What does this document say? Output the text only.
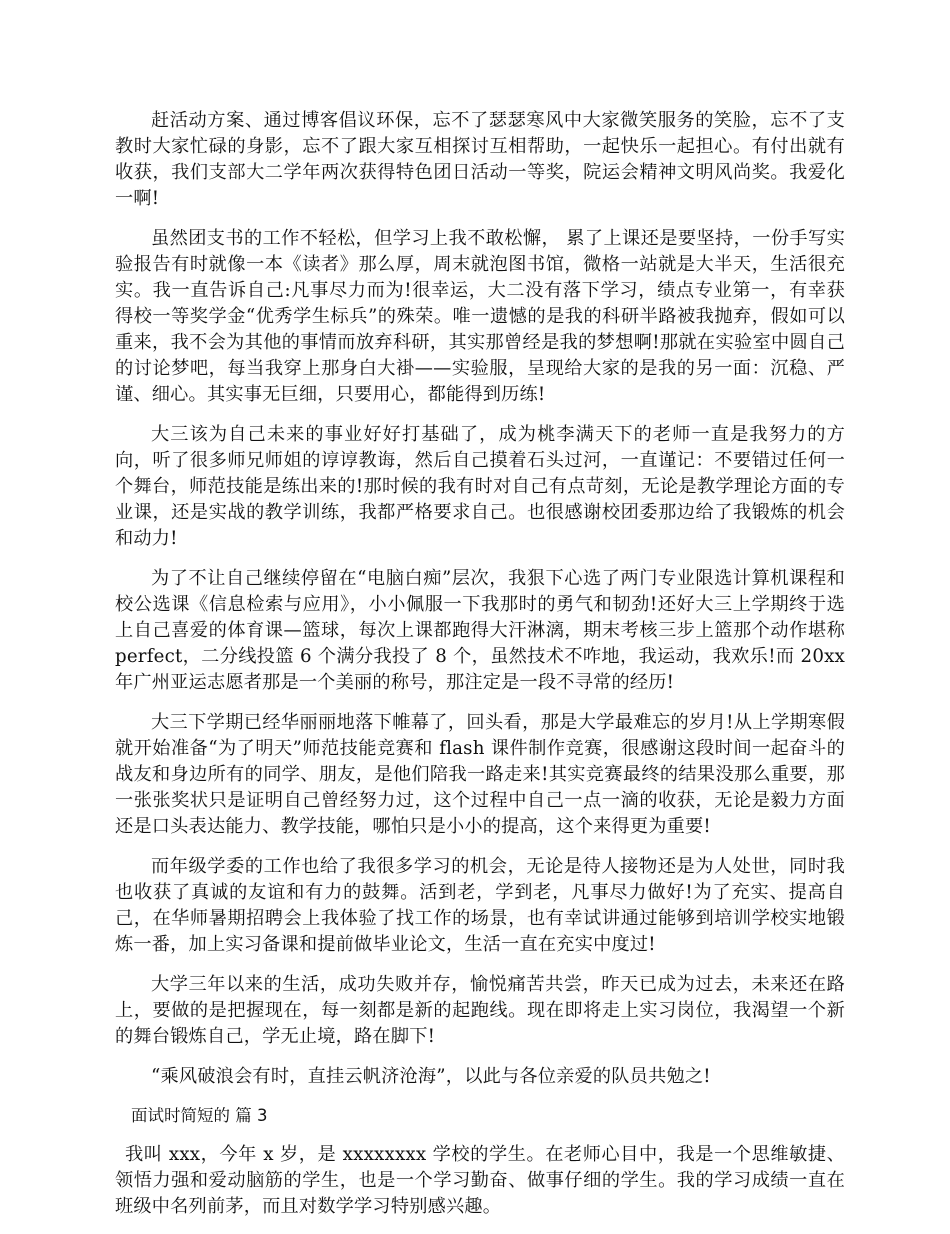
赶活动方案、通过博客倡议环保，忘不了瑟瑟寒风中大家微笑服务的笑脸，忘不了支教时大家忙碌的身影，忘不了跟大家互相探讨互相帮助，一起快乐一起担心。有付出就有收获，我们支部大二学年两次获得特色团日活动一等奖，院运会精神文明风尚奖。我爱化一啊!

虽然团支书的工作不轻松，但学习上我不敢松懈， 累了上课还是要坚持，一份手写实验报告有时就像一本《读者》那么厚，周末就泡图书馆，微格一站就是大半天，生活很充实。我一直告诉自己:凡事尽力而为!很幸运，大二没有落下学习，绩点专业第一，有幸获得校一等奖学金“优秀学生标兵”的殊荣。唯一遗憾的是我的科研半路被我抛弃，假如可以重来，我不会为其他的事情而放弃科研，其实那曾经是我的梦想啊!那就在实验室中圆自己的讨论梦吧，每当我穿上那身白大褂——实验服，呈现给大家的是我的另一面：沉稳、严谨、细心。其实事无巨细，只要用心，都能得到历练!

大三该为自己未来的事业好好打基础了，成为桃李满天下的老师一直是我努力的方向，听了很多师兄师姐的谆谆教诲，然后自己摸着石头过河，一直谨记：不要错过任何一个舞台，师范技能是练出来的!那时候的我有时对自己有点苛刻，无论是教学理论方面的专业课，还是实战的教学训练，我都严格要求自己。也很感谢校团委那边给了我锻炼的机会和动力!

为了不让自己继续停留在“电脑白痴”层次，我狠下心选了两门专业限选计算机课程和校公选课《信息检索与应用》，小小佩服一下我那时的勇气和韧劲!还好大三上学期终于选上自己喜爱的体育课—篮球，每次上课都跑得大汗淋漓，期末考核三步上篮那个动作堪称 perfect，二分线投篮 6 个满分我投了 8 个，虽然技术不咋地，我运动，我欢乐!而 20xx 年广州亚运志愿者那是一个美丽的称号，那注定是一段不寻常的经历!

大三下学期已经华丽丽地落下帷幕了，回头看，那是大学最难忘的岁月!从上学期寒假就开始准备“为了明天”师范技能竞赛和 flash 课件制作竞赛，很感谢这段时间一起奋斗的战友和身边所有的同学、朋友，是他们陪我一路走来!其实竞赛最终的结果没那么重要，那一张张奖状只是证明自己曾经努力过，这个过程中自己一点一滴的收获，无论是毅力方面还是口头表达能力、教学技能，哪怕只是小小的提高，这个来得更为重要!

而年级学委的工作也给了我很多学习的机会，无论是待人接物还是为人处世，同时我也收获了真诚的友谊和有力的鼓舞。活到老，学到老，凡事尽力做好!为了充实、提高自己，在华师暑期招聘会上我体验了找工作的场景，也有幸试讲通过能够到培训学校实地锻炼一番，加上实习备课和提前做毕业论文，生活一直在充实中度过!

大学三年以来的生活，成功失败并存，愉悦痛苦共尝，昨天已成为过去，未来还在路上，要做的是把握现在，每一刻都是新的起跑线。现在即将走上实习岗位，我渴望一个新的舞台锻炼自己，学无止境，路在脚下!

“乘风破浪会有时，直挂云帆济沧海”，以此与各位亲爱的队员共勉之!

面试时简短的 篇 3

我叫 xxx，今年 x 岁，是 xxxxxxxx 学校的学生。在老师心目中，我是一个思维敏捷、领悟力强和爱动脑筋的学生，也是一个学习勤奋、做事仔细的学生。我的学习成绩一直在班级中名列前茅，而且对数学学习特别感兴趣。
